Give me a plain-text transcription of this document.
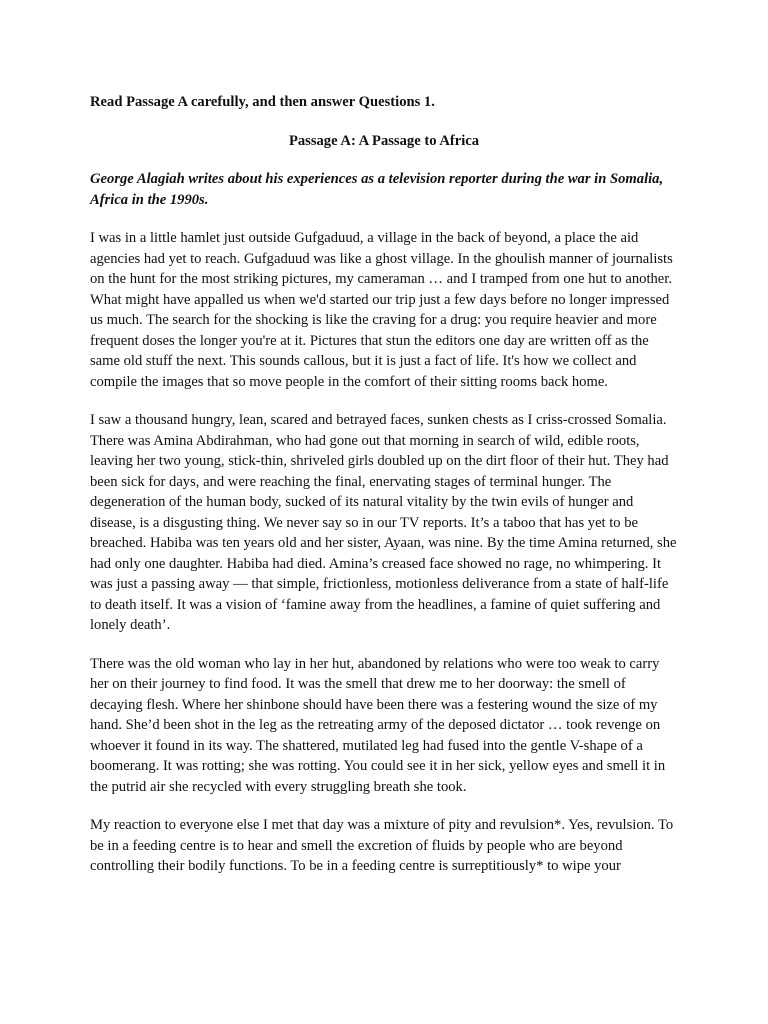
Read Passage A carefully, and then answer Questions 1.

Passage A: A Passage to Africa

George Alagiah writes about his experiences as a television reporter during the war in Somalia, Africa in the 1990s.

I was in a little hamlet just outside Gufgaduud, a village in the back of beyond, a place the aid agencies had yet to reach. Gufgaduud was like a ghost village. In the ghoulish manner of journalists on the hunt for the most striking pictures, my cameraman … and I tramped from one hut to another. What might have appalled us when we'd started our trip just a few days before no longer impressed us much. The search for the shocking is like the craving for a drug: you require heavier and more frequent doses the longer you're at it. Pictures that stun the editors one day are written off as the same old stuff the next. This sounds callous, but it is just a fact of life. It's how we collect and compile the images that so move people in the comfort of their sitting rooms back home.

I saw a thousand hungry, lean, scared and betrayed faces, sunken chests as I criss-crossed Somalia. There was Amina Abdirahman, who had gone out that morning in search of wild, edible roots, leaving her two young, stick-thin, shriveled girls doubled up on the dirt floor of their hut. They had been sick for days, and were reaching the final, enervating stages of terminal hunger. The degeneration of the human body, sucked of its natural vitality by the twin evils of hunger and disease, is a disgusting thing. We never say so in our TV reports. It’s a taboo that has yet to be breached. Habiba was ten years old and her sister, Ayaan, was nine. By the time Amina returned, she had only one daughter. Habiba had died. Amina’s creased face showed no rage, no whimpering. It was just a passing away — that simple, frictionless, motionless deliverance from a state of half-life to death itself. It was a vision of ‘famine away from the headlines, a famine of quiet suffering and lonely death’.

There was the old woman who lay in her hut, abandoned by relations who were too weak to carry her on their journey to find food. It was the smell that drew me to her doorway: the smell of decaying flesh. Where her shinbone should have been there was a festering wound the size of my hand. She’d been shot in the leg as the retreating army of the deposed dictator … took revenge on whoever it found in its way. The shattered, mutilated leg had fused into the gentle V-shape of a boomerang. It was rotting; she was rotting. You could see it in her sick, yellow eyes and smell it in the putrid air she recycled with every struggling breath she took.

My reaction to everyone else I met that day was a mixture of pity and revulsion*. Yes, revulsion. To be in a feeding centre is to hear and smell the excretion of fluids by people who are beyond controlling their bodily functions. To be in a feeding centre is surreptitiously* to wipe your
